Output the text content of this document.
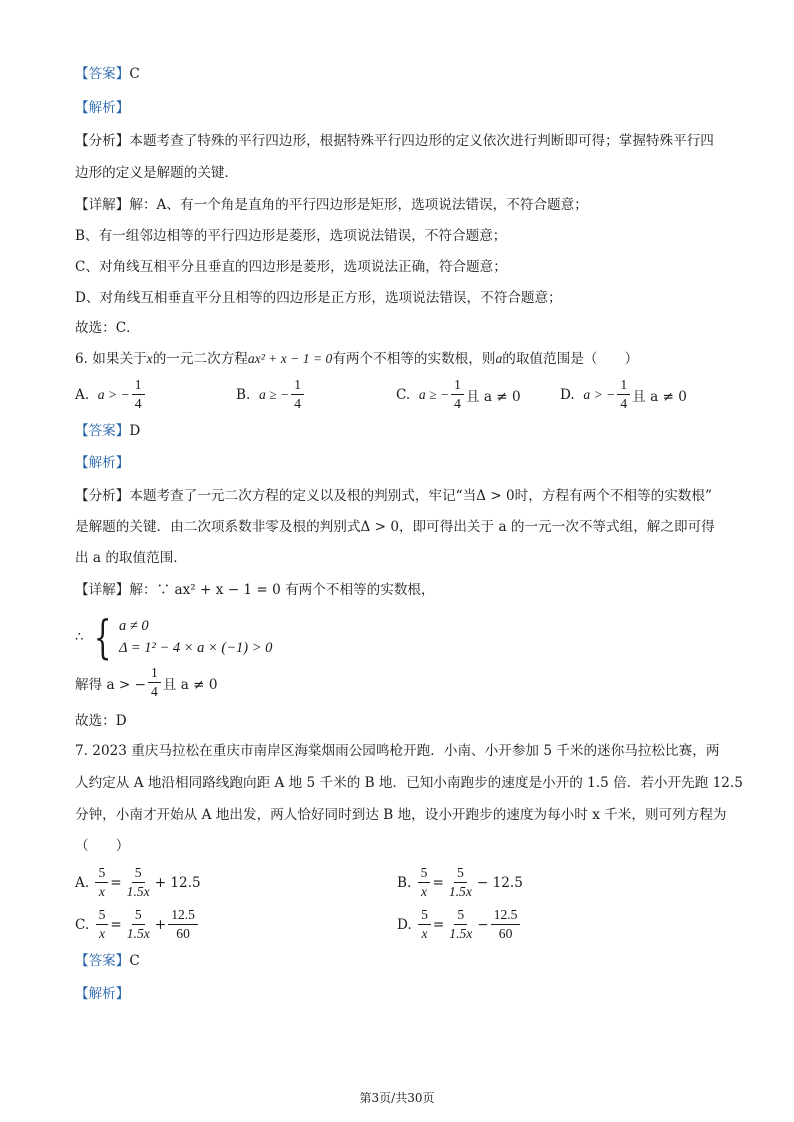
【答案】C
【解析】
【分析】本题考查了特殊的平行四边形，根据特殊平行四边形的定义依次进行判断即可得；掌握特殊平行四
边形的定义是解题的关键．
【详解】解：A、有一个角是直角的平行四边形是矩形，选项说法错误，不符合题意；
B、有一组邻边相等的平行四边形是菱形，选项说法错误，不符合题意；
C、对角线互相平分且垂直的四边形是菱形，选项说法正确，符合题意；
D、对角线互相垂直平分且相等的四边形是正方形，选项说法错误，不符合题意；
故选：C．
6. 如果关于x的一元二次方程ax² + x − 1 = 0有两个不相等的实数根，则a的取值范围是（　　）
A.
a > − $\frac{1}{4}$	B.
a ≥ − $\frac{1}{4}$	C.
a ≥ − $\frac{1}{4}$ 且 a ≠ 0	D.
a > − $\frac{1}{4}$ 且 a ≠ 0
【答案】D
【解析】
【分析】本题考查了一元二次方程的定义以及根的判别式，牢记“当Δ > 0时，方程有两个不相等的实数根”
是解题的关键．由二次项系数非零及根的判别式Δ > 0，即可得出关于 a 的一元一次不等式组，解之即可得
出 a 的取值范围．
【详解】解：∵ ax² + x − 1 = 0 有两个不相等的实数根，
∴ { a ≠ 0
Δ = 1² − 4 × a × (−1) > 0
解得 a > − $\frac{1}{4}$ 且 a ≠ 0
故选：D
7. 2023 重庆马拉松在重庆市南岸区海棠烟雨公园鸣枪开跑．小南、小开参加 5 千米的迷你马拉松比赛，两
人约定从 A 地沿相同路线跑向距 A 地 5 千米的 B 地．已知小南跑步的速度是小开的 1.5 倍．若小开先跑 12.5
分钟，小南才开始从 A 地出发，两人恰好同时到达 B 地，设小开跑步的速度为每小时 x 千米，则可列方程为
（　　）
A.
$\frac{5}{x} = \frac{5}{1.5x}$ +
12.5	B.
$\frac{5}{x} = \frac{5}{1.5x}$ −
12.5
C.
$\frac{5}{x} = \frac{5}{1.5x} + \frac{12.5}{60}$	D.
$\frac{5}{x} = \frac{5}{1.5x} - \frac{12.5}{60}$
【答案】C
【解析】
第3页/共30页
